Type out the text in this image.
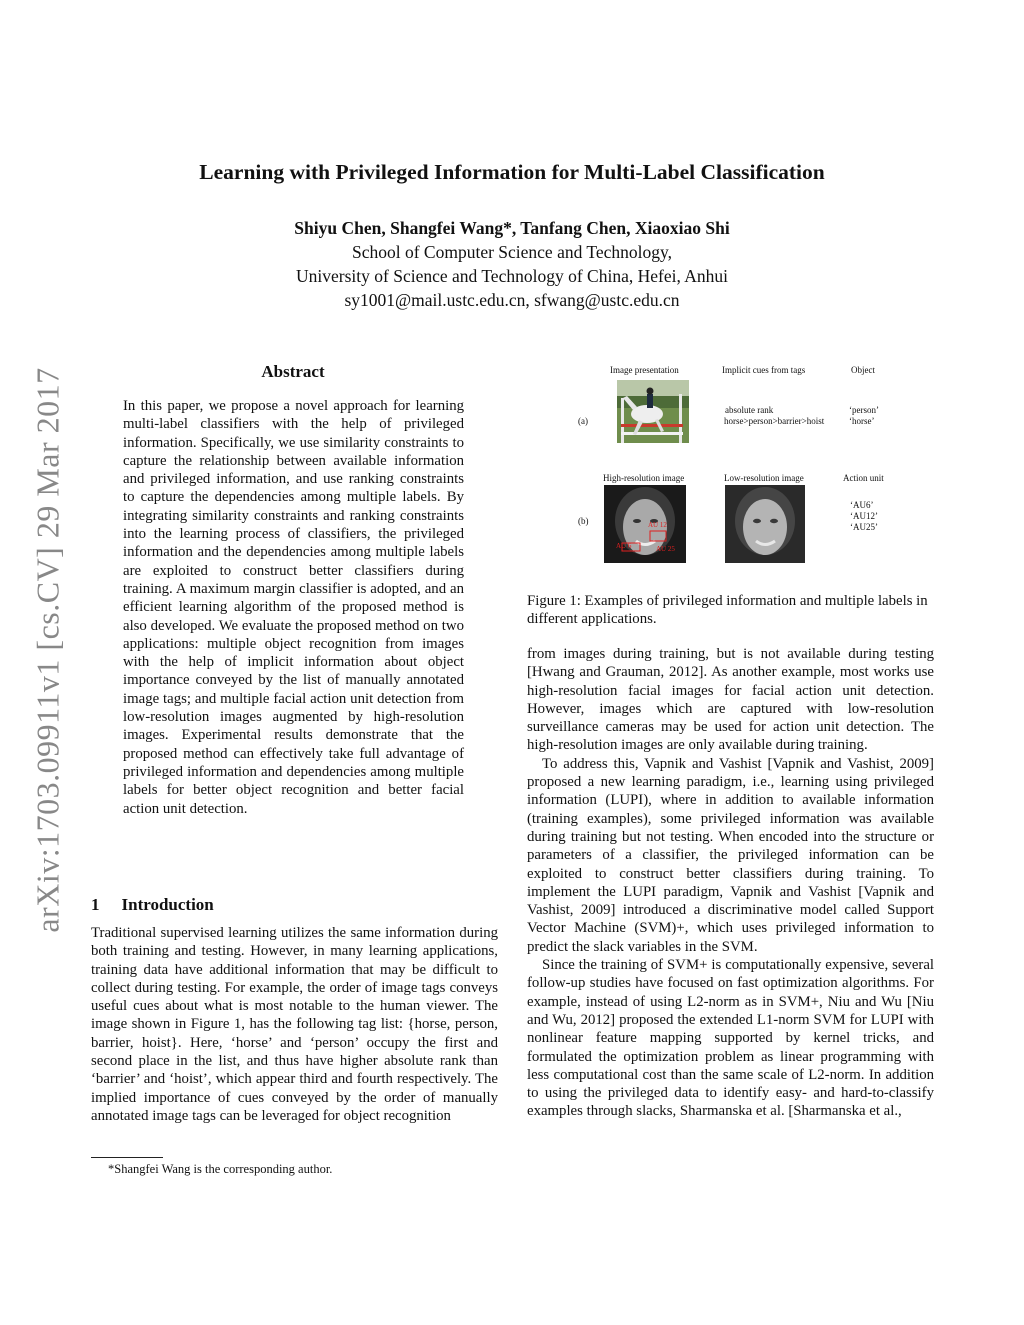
Learning with Privileged Information for Multi-Label Classification
Shiyu Chen, Shangfei Wang*, Tanfang Chen, Xiaoxiao Shi
School of Computer Science and Technology,
University of Science and Technology of China, Hefei, Anhui
sy1001@mail.ustc.edu.cn, sfwang@ustc.edu.cn
arXiv:1703.09911v1 [cs.CV] 29 Mar 2017	Abstract
In this paper, we propose a novel approach for learning multi-label classifiers with the help of privileged information. Specifically, we use similarity constraints to capture the relationship between available information and privileged information, and use ranking constraints to capture the dependencies among multiple labels. By integrating similarity constraints and ranking constraints into the learning process of classifiers, the privileged information and the dependencies among multiple labels are exploited to construct better classifiers during training. A maximum margin classifier is adopted, and an efficient learning algorithm of the proposed method is also developed. We evaluate the proposed method on two applications: multiple object recognition from images with the help of implicit information about object importance conveyed by the list of manually annotated image tags; and multiple facial action unit detection from low-resolution images augmented by high-resolution images. Experimental results demonstrate that the proposed method can effectively take full advantage of privileged information and dependencies among multiple labels for better object recognition and better facial action unit detection.
1 Introduction
Traditional supervised learning utilizes the same information during both training and testing. However, in many learning applications, training data have additional information that may be difficult to collect during testing. For example, the order of image tags conveys useful cues about what is most notable to the human viewer. The image shown in Figure 1, has the following tag list: {horse, person, barrier, hoist}. Here, ‘horse’ and ‘person’ occupy the first and second place in the list, and thus have higher absolute rank than ‘barrier’ and ‘hoist’, which appear third and fourth respectively. The implied importance of cues conveyed by the order of manually annotated image tags can be leveraged for object recognition
*Shangfei Wang is the corresponding author.
Image presentation	Implicit cues from tags	Object
(a)
absolute rank
horse>person>barrier>hoist
‘person’
‘horse’
High-resolution image	Low-resolution image	Action unit
(b)	AU 12
AU 6	AU 25
‘AU6’
‘AU12’
‘AU25’
Figure 1: Examples of privileged information and multiple labels in different applications.

from images during training, but is not available during testing [Hwang and Grauman, 2012]. As another example, most works use high-resolution facial images for facial action unit detection. However, images which are captured with low-resolution surveillance cameras may be used for action unit detection. The high-resolution images are only available during training.

To address this, Vapnik and Vashist [Vapnik and Vashist, 2009] proposed a new learning paradigm, i.e., learning using privileged information (LUPI), where in addition to available information (training examples), some privileged information was available during training but not testing. When encoded into the structure or parameters of a classifier, the privileged information can be exploited to construct better classifiers during training. To implement the LUPI paradigm, Vapnik and Vashist [Vapnik and Vashist, 2009] introduced a discriminative model called Support Vector Machine (SVM)+, which uses privileged information to predict the slack variables in the SVM.

Since the training of SVM+ is computationally expensive, several follow-up studies have focused on fast optimization algorithms. For example, instead of using L2-norm as in SVM+, Niu and Wu [Niu and Wu, 2012] proposed the extended L1-norm SVM for LUPI with nonlinear feature mapping supported by kernel tricks, and formulated the optimization problem as linear programming with less computational cost than the same scale of L2-norm. In addition to using the privileged data to identify easy- and hard-to-classify examples through slacks, Sharmanska et al. [Sharmanska et al.,
